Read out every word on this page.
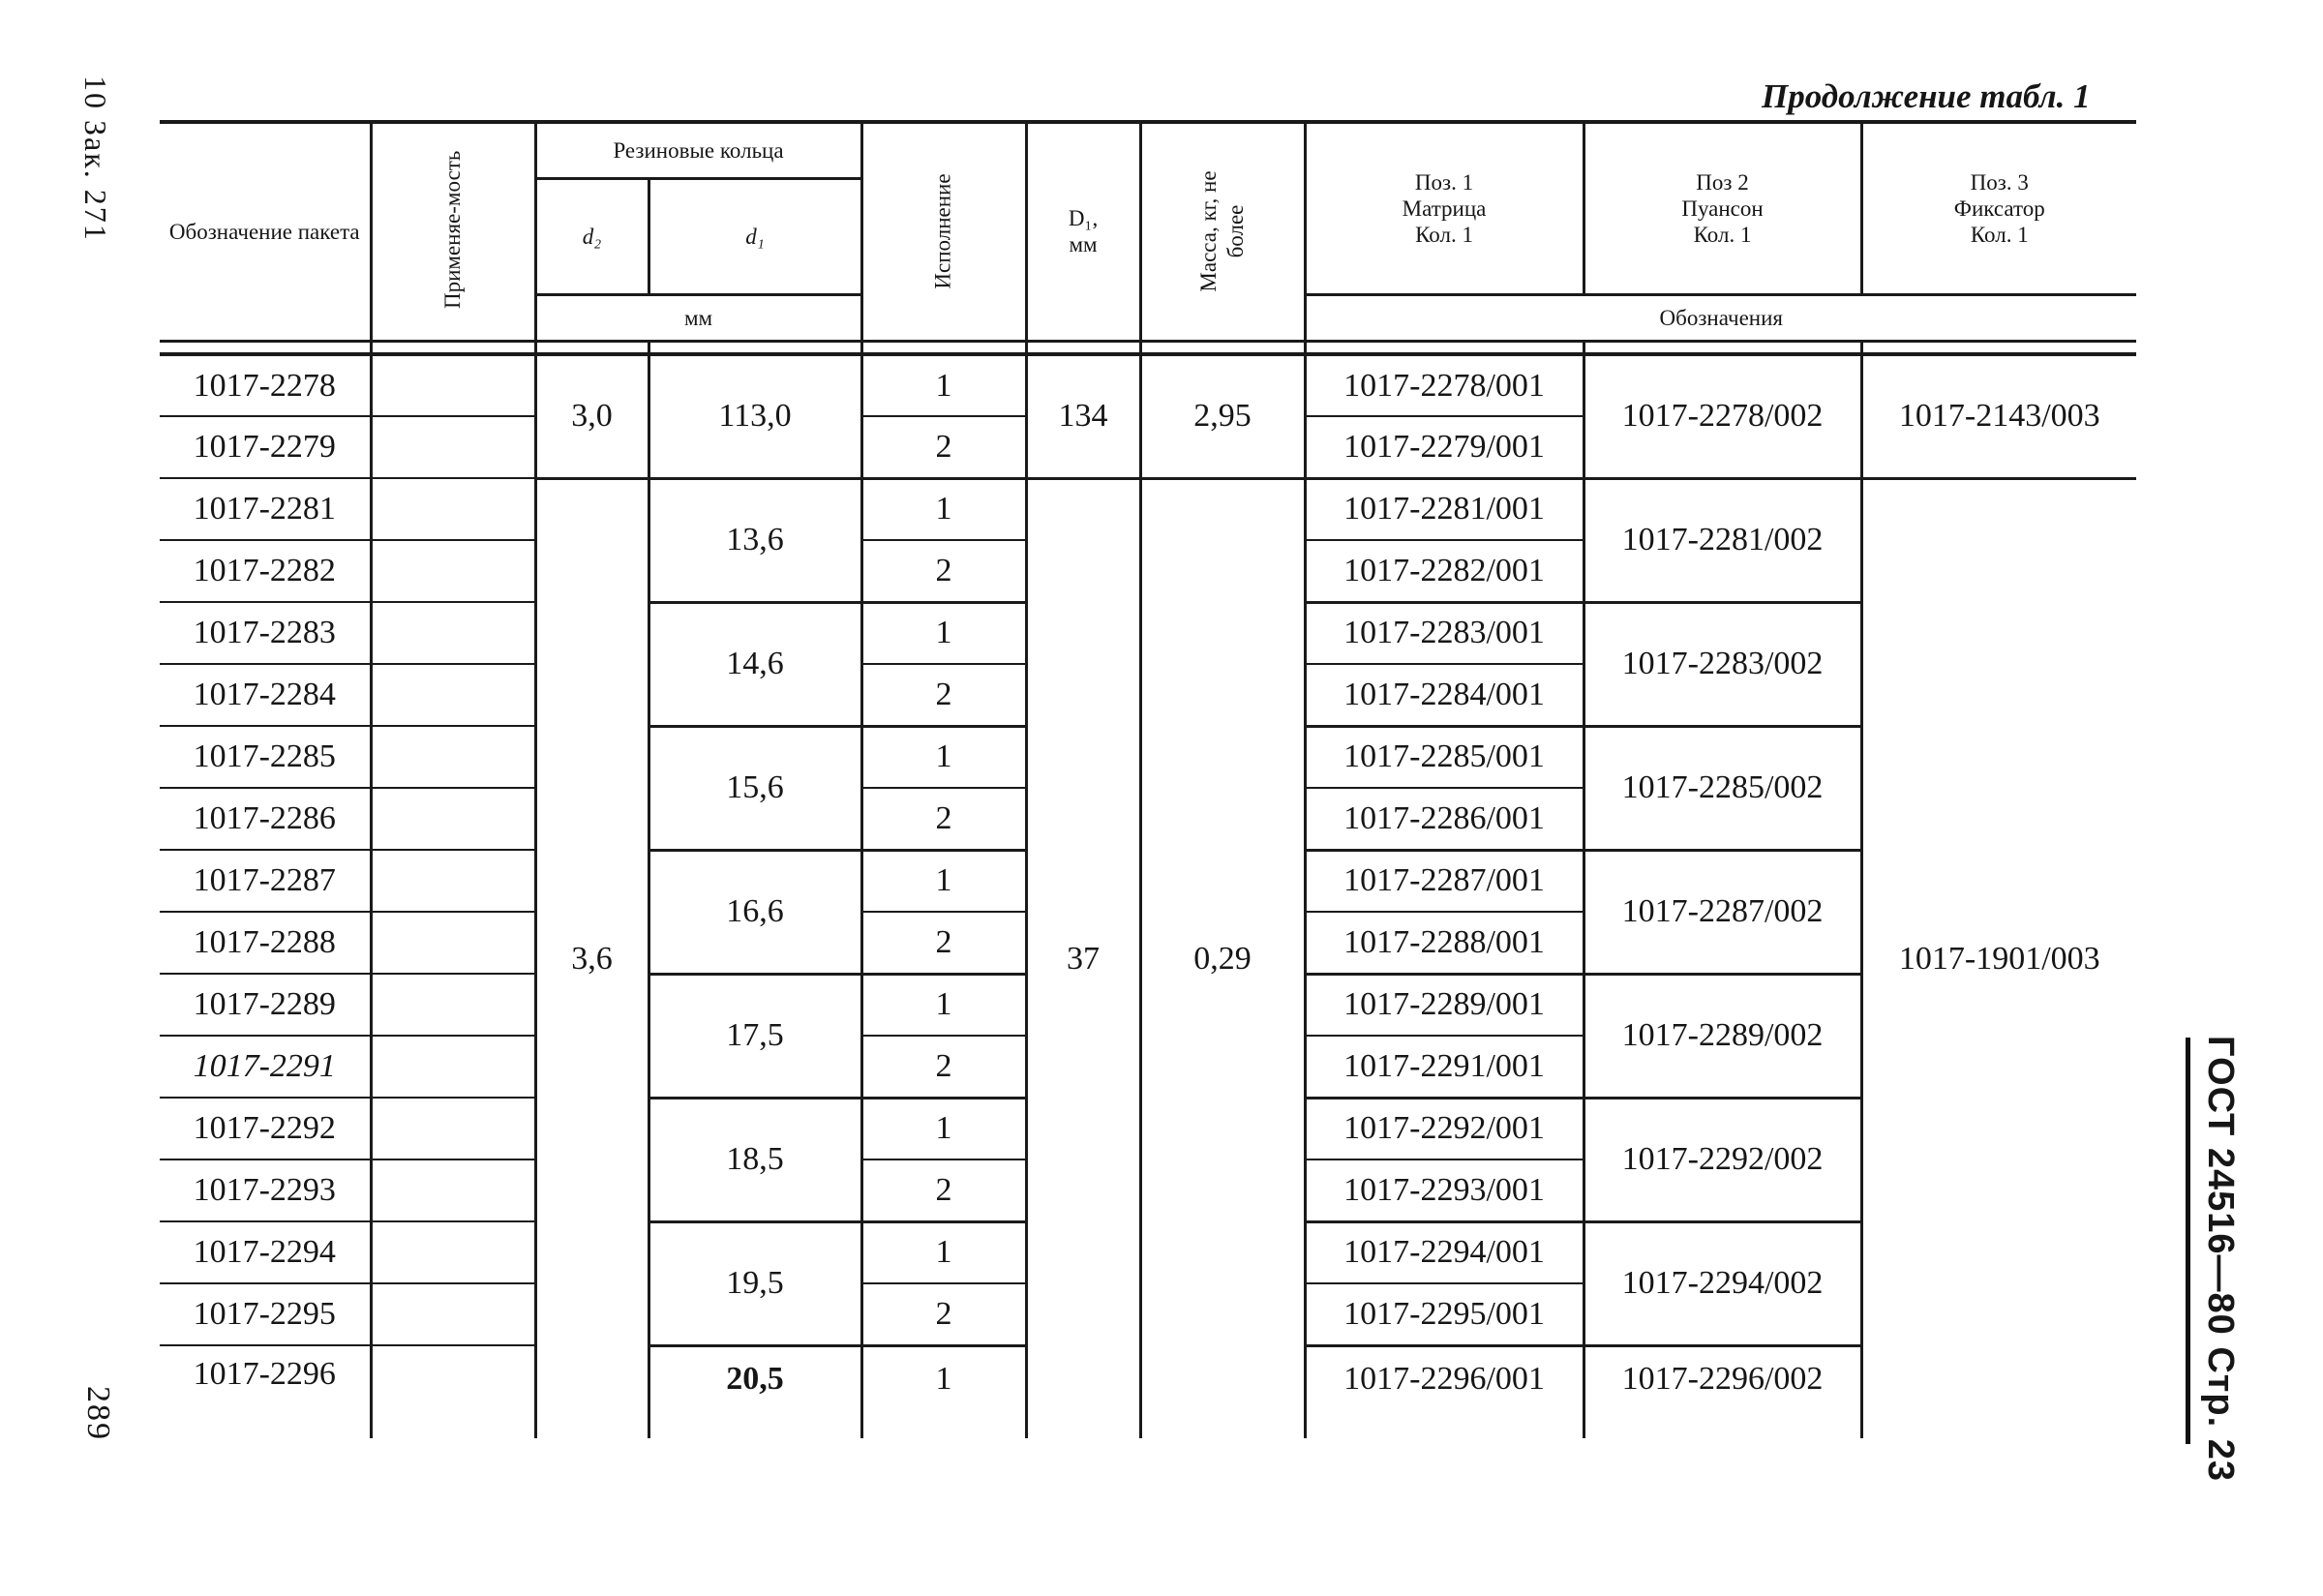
10 Зак. 271
289	ГОСТ 24516—80 Стр. 23
Продолжение табл. 1
Обозначение пакета	Применяе-мость	Резиновые кольца		Исполнение	D₁, мм	Масса, кг, не более	Поз. 1 Матрица Кол. 1	Поз 2 Пуансон Кол. 1	Поз. 3 Фиксатор Кол. 1
		d₂	d₁						
		мм					Обозначения		

1017-2278		3,0	113,0	1	134	2,95	1017-2278/001	1017-2278/002	1017-2143/003
1017-2279				2			1017-2279/001		
1017-2281		3,6	13,6	1	37	0,29	1017-2281/001	1017-2281/002	1017-1901/003
1017-2282				2			1017-2282/001		
1017-2283			14,6	1			1017-2283/001	1017-2283/002	
1017-2284				2			1017-2284/001		
1017-2285			15,6	1			1017-2285/001	1017-2285/002	
1017-2286				2			1017-2286/001		
1017-2287			16,6	1			1017-2287/001	1017-2287/002	
1017-2288				2			1017-2288/001		
1017-2289			17,5	1			1017-2289/001	1017-2289/002	
1017-2291				2			1017-2291/001		
1017-2292			18,5	1			1017-2292/001	1017-2292/002	
1017-2293				2			1017-2293/001		
1017-2294			19,5	1			1017-2294/001	1017-2294/002	
1017-2295				2			1017-2295/001		
1017-2296			20,5	1			1017-2296/001	1017-2296/002	
